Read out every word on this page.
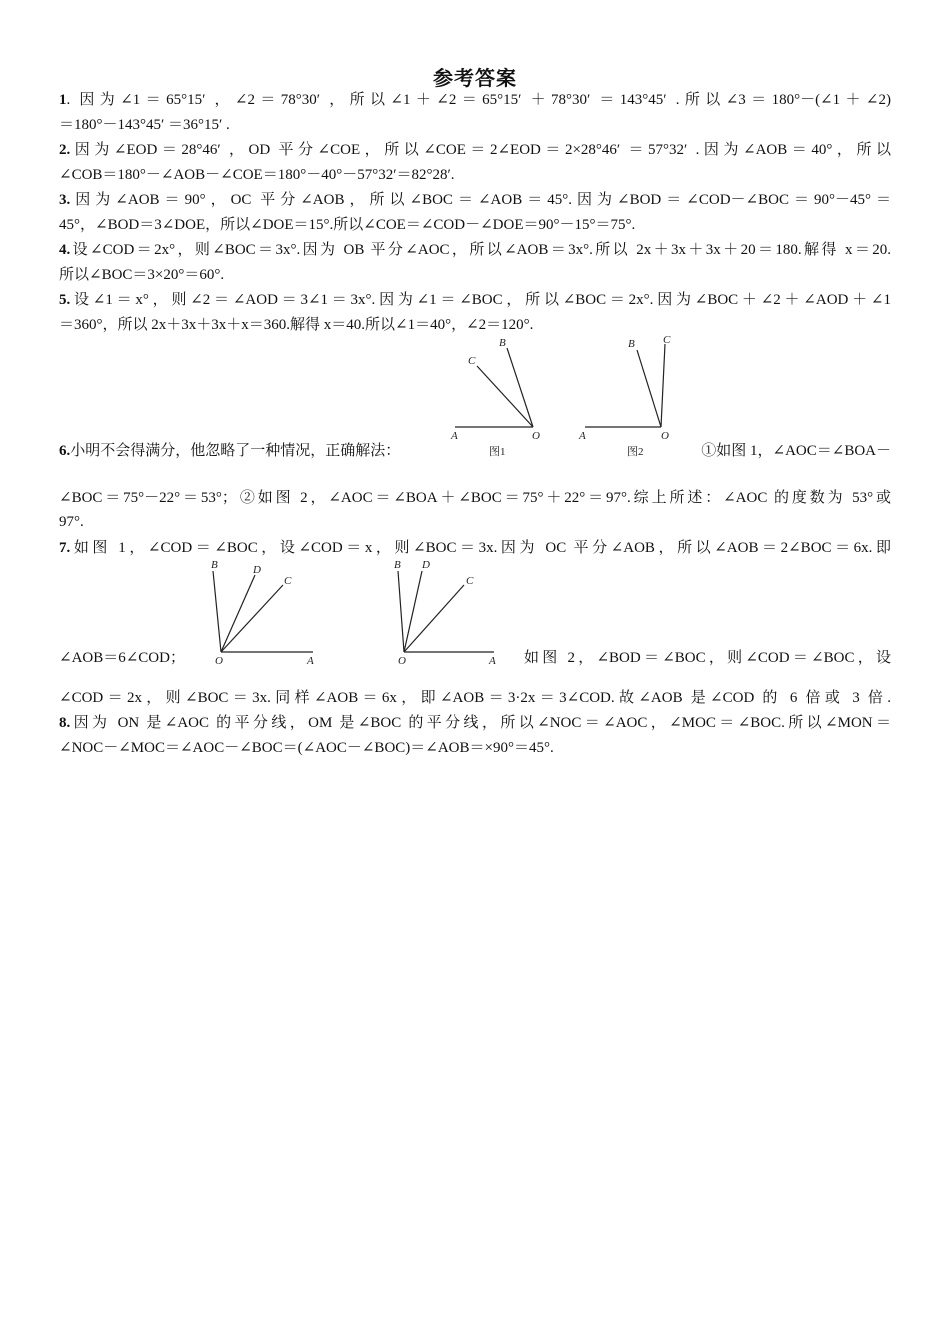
参考答案
1. 因为∠1＝65°15′ ，∠2＝78°30′ ，所以∠1＋∠2＝65°15′ ＋78°30′ ＝143°45′ .所以∠3＝180°－(∠1＋∠2)
＝180°－143°45′ ＝36°15′ .
2.因为∠EOD＝28°46′ ，OD 平分∠COE，所以∠COE＝2∠EOD＝2×28°46′ ＝57°32′ .因为∠AOB＝40°，所以
∠COB＝180°－∠AOB－∠COE＝180°－40°－57°32′＝82°28′.
3.因为∠AOB＝90°，OC 平分∠AOB，所以∠BOC＝∠AOB＝45°.因为∠BOD＝∠COD－∠BOC＝90°－45°＝
45°，∠BOD＝3∠DOE，所以∠DOE＝15°.所以∠COE＝∠COD－∠DOE＝90°－15°＝75°.
4.设∠COD＝2x°，则∠BOC＝3x°.因为 OB 平分∠AOC，所以∠AOB＝3x°.所以 2x＋3x＋3x＋20＝180.解得 x＝20.
所以∠BOC＝3×20°＝60°.
5.设∠1＝x°，则∠2＝∠AOD＝3∠1＝3x°.因为∠1＝∠BOC，所以∠BOC＝2x°.因为∠BOC＋∠2＋∠AOD＋∠1
＝360°，所以 2x＋3x＋3x＋x＝360.解得 x＝40.所以∠1＝40°，∠2＝120°.
A	O
C
B
图1
A	O
B	C
图2
6.小明不会得满分，他忽略了一种情况，正确解法：	①如图 1，∠AOC＝∠BOA－
∠BOC＝75°－22°＝53°；②如图 2，∠AOC＝∠BOA＋∠BOC＝75°＋22°＝97°.综上所述：∠AOC 的度数为 53°或
97°.
7.如图 1，∠COD＝∠BOC，设∠COD＝x，则∠BOC＝3x.因为 OC 平分∠AOB，所以∠AOB＝2∠BOC＝6x.即
B	D
C
O	A
B D
C
O	A
∠AOB＝6∠COD；	如图 2，∠BOD＝∠BOC，则∠COD＝∠BOC，设
∠COD＝2x，则∠BOC＝3x.同样∠AOB＝6x，即∠AOB＝3·2x＝3∠COD.故∠AOB 是∠COD 的 6 倍或 3 倍.
8.因为 ON 是∠AOC 的平分线，OM 是∠BOC 的平分线，所以∠NOC＝∠AOC，∠MOC＝∠BOC.所以∠MON＝
∠NOC－∠MOC＝∠AOC－∠BOC＝(∠AOC－∠BOC)＝∠AOB＝×90°＝45°.
